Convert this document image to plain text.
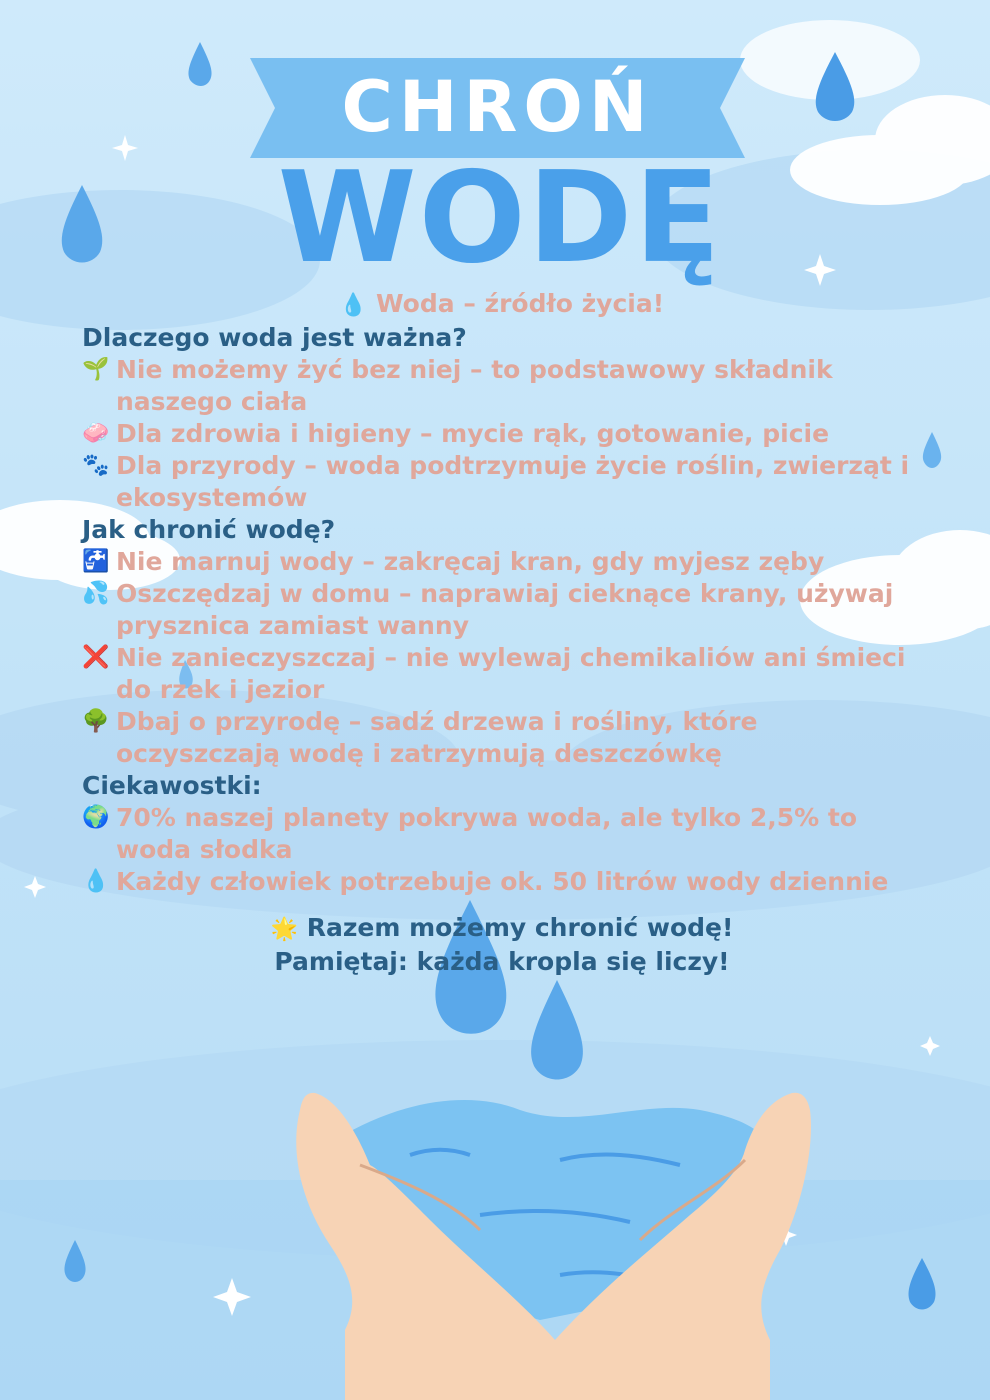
CHROŃ
WODĘ
💧 Woda – źródło życia!
Dlaczego woda jest ważna?
🌱 Nie możemy żyć bez niej – to podstawowy składnik naszego ciała
🧼 Dla zdrowia i higieny – mycie rąk, gotowanie, picie
🐾 Dla przyrody – woda podtrzymuje życie roślin, zwierząt i ekosystemów
Jak chronić wodę?
🚰 Nie marnuj wody – zakręcaj kran, gdy myjesz zęby
💦 Oszczędzaj w domu – naprawiaj cieknące krany, używaj prysznica zamiast wanny
❌ Nie zanieczyszczaj – nie wylewaj chemikaliów ani śmieci do rzek i jezior
🌳 Dbaj o przyrodę – sadź drzewa i rośliny, które oczyszczają wodę i zatrzymują deszczówkę
Ciekawostki:
🌍 70% naszej planety pokrywa woda, ale tylko 2,5% to woda słodka
💧 Każdy człowiek potrzebuje ok. 50 litrów wody dziennie
🌟 Razem możemy chronić wodę!
Pamiętaj: każda kropla się liczy!
